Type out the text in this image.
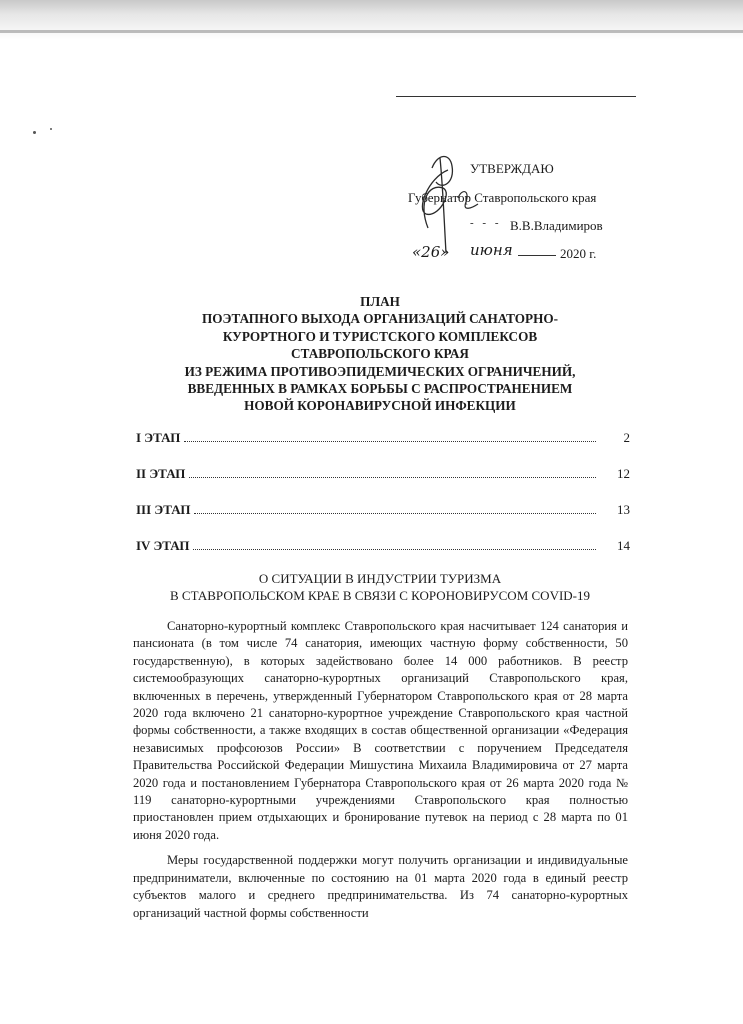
УТВЕРЖДАЮ
Губернатор Ставропольского края
В.В.Владимиров
- - -
«26» июня	2020 г.
ПЛАН
ПОЭТАПНОГО ВЫХОДА ОРГАНИЗАЦИЙ САНАТОРНО-
КУРОРТНОГО И ТУРИСТСКОГО КОМПЛЕКСОВ
СТАВРОПОЛЬСКОГО КРАЯ
ИЗ РЕЖИМА ПРОТИВОЭПИДЕМИЧЕСКИХ ОГРАНИЧЕНИЙ,
ВВЕДЕННЫХ В РАМКАХ БОРЬБЫ С РАСПРОСТРАНЕНИЕМ
НОВОЙ КОРОНАВИРУСНОЙ ИНФЕКЦИИ
I ЭТАП	2
II ЭТАП	12
III ЭТАП	13
IV ЭТАП	14
О СИТУАЦИИ В ИНДУСТРИИ ТУРИЗМА
В СТАВРОПОЛЬСКОМ КРАЕ В СВЯЗИ С КОРОНОВИРУСОМ COVID-19

Санаторно-курортный комплекс Ставропольского края насчитывает 124 санатория и пансионата (в том числе 74 санатория, имеющих частную форму собственности, 50 государственную), в которых задействовано более 14 000 работников. В реестр системообразующих санаторно-курортных организаций Ставропольского края, включенных в перечень, утвержденный Губернатором Ставропольского края от 28 марта 2020 года включено 21 санаторно-курортное учреждение Ставропольского края частной формы собственности, а также входящих в состав общественной организации «Федерация независимых профсоюзов России» В соответствии с поручением Председателя Правительства Российской Федерации Мишустина Михаила Владимировича от 27 марта 2020 года и постановлением Губернатора Ставропольского края от 26 марта 2020 года № 119 санаторно-курортными учреждениями Ставропольского края полностью приостановлен прием отдыхающих и бронирование путевок на период с 28 марта по 01 июня 2020 года.

Меры государственной поддержки могут получить организации и индивидуальные предприниматели, включенные по состоянию на 01 марта 2020 года в единый реестр субъектов малого и среднего предпринимательства. Из 74 санаторно-курортных организаций частной формы собственности
